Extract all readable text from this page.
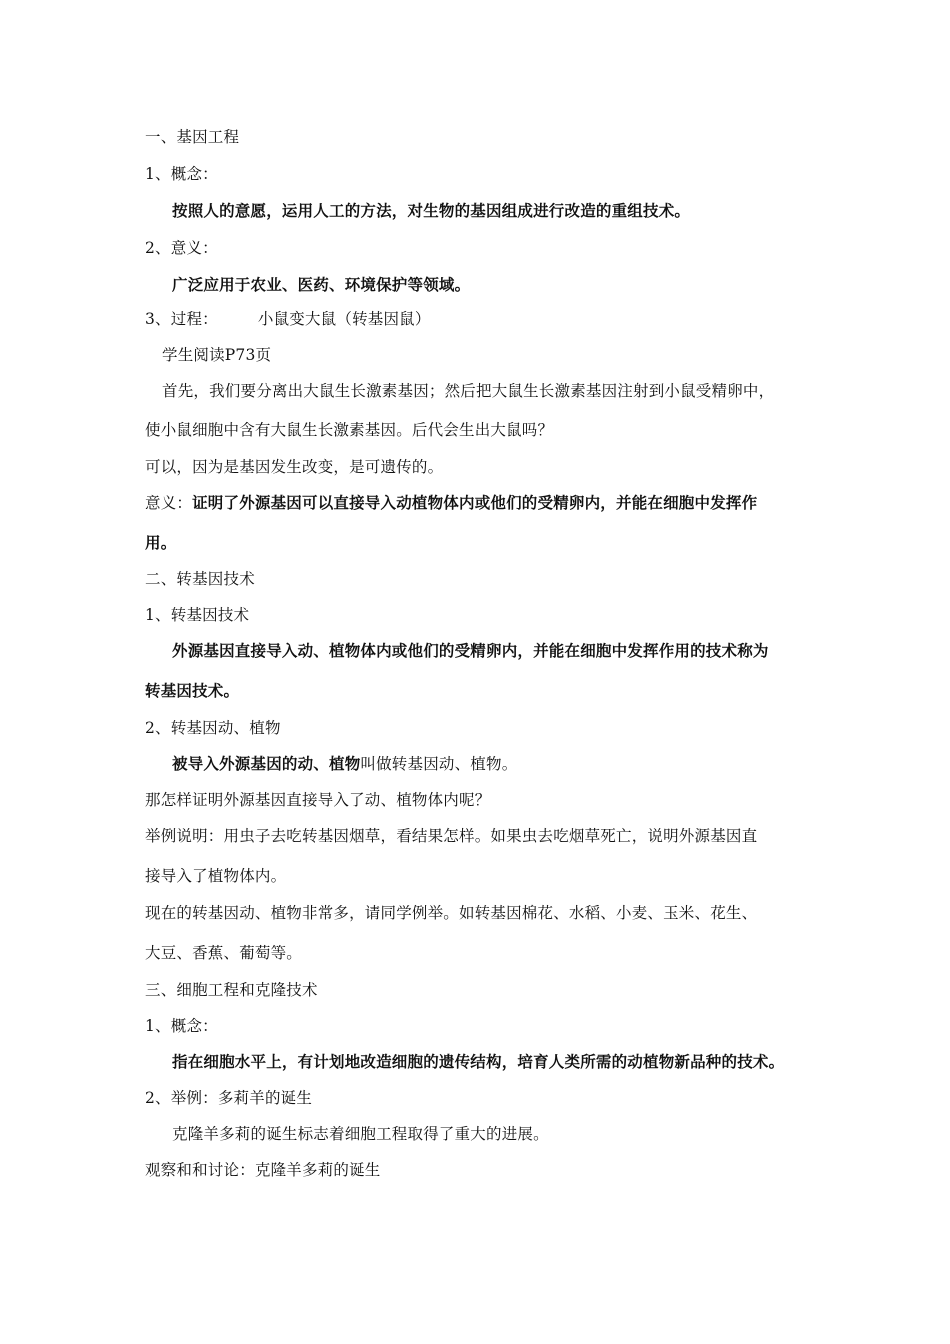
一、基因工程
1、概念：
按照人的意愿，运用人工的方法，对生物的基因组成进行改造的重组技术。
2、意义：
广泛应用于农业、医药、环境保护等领域。
3、过程：	小鼠变大鼠（转基因鼠）
学生阅读P73页
首先，我们要分离出大鼠生长激素基因；然后把大鼠生长激素基因注射到小鼠受精卵中，
使小鼠细胞中含有大鼠生长激素基因。后代会生出大鼠吗？
可以，因为是基因发生改变，是可遗传的。
意义：证明了外源基因可以直接导入动植物体内或他们的受精卵内，并能在细胞中发挥作
用。
二、转基因技术
1、转基因技术
外源基因直接导入动、植物体内或他们的受精卵内，并能在细胞中发挥作用的技术称为
转基因技术。
2、转基因动、植物
被导入外源基因的动、植物叫做转基因动、植物。
那怎样证明外源基因直接导入了动、植物体内呢？
举例说明：用虫子去吃转基因烟草，看结果怎样。如果虫去吃烟草死亡，说明外源基因直
接导入了植物体内。
现在的转基因动、植物非常多，请同学例举。如转基因棉花、水稻、小麦、玉米、花生、
大豆、香蕉、葡萄等。
三、细胞工程和克隆技术
1、概念：
指在细胞水平上，有计划地改造细胞的遗传结构，培育人类所需的动植物新品种的技术。
2、举例：多莉羊的诞生
克隆羊多莉的诞生标志着细胞工程取得了重大的进展。
观察和和讨论：克隆羊多莉的诞生
